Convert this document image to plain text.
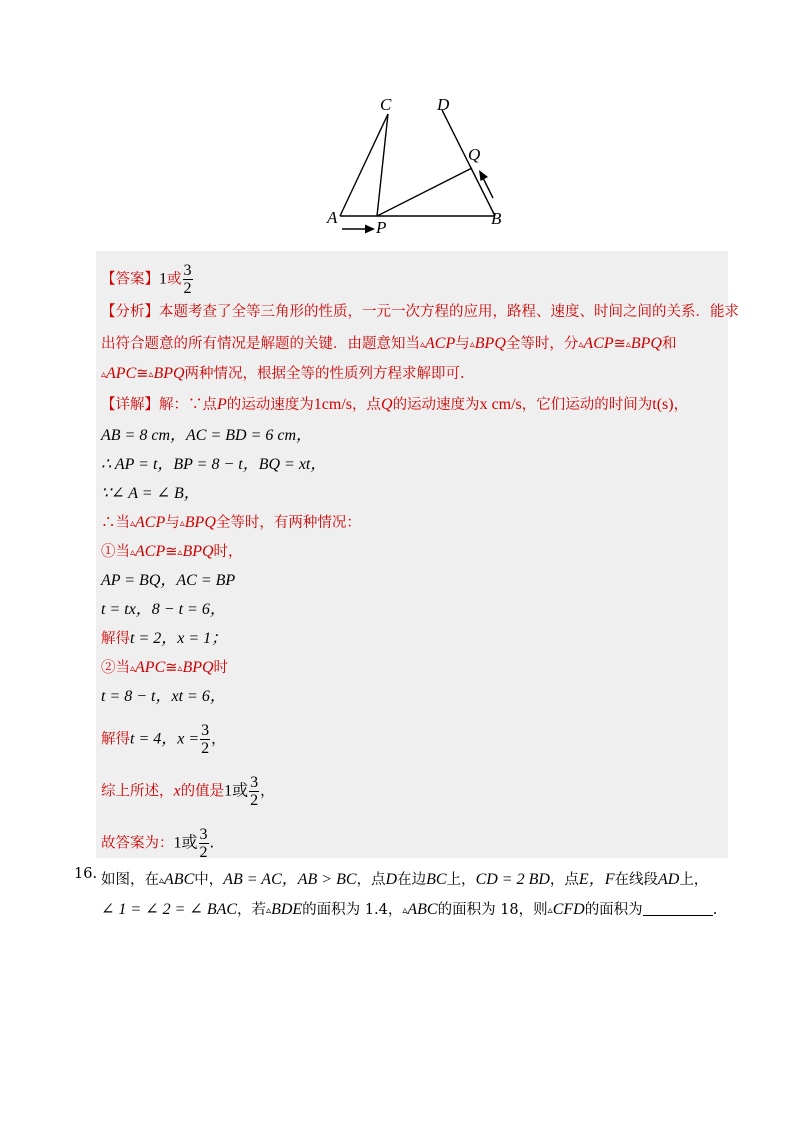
C	D
Q
A	B
P
【答案】1或 $\frac{3}{2}$
【分析】本题考查了全等三角形的性质，一元一次方程的应用，路程、速度、时间之间的关系．能求
出符合题意的所有情况是解题的关键．由题意知当▵ACP与▵BPQ全等时，分▵ACP≅▵BPQ和
▵APC≅▵BPQ两种情况，根据全等的性质列方程求解即可.
【详解】解：∵点P的运动速度为1cm/s，点Q的运动速度为x cm/s，它们运动的时间为t(s)，
AB = 8 cm，AC = BD = 6 cm，
∴ AP = t，BP = 8 − t，BQ = xt，
∵∠ A = ∠ B，
∴当▵ACP与▵BPQ全等时，有两种情况：
①当▵ACP≅▵BPQ时，
AP = BQ，AC = BP
t = tx，8 − t = 6，
解得t = 2，x = 1；
②当▵APC≅▵BPQ时
t = 8 − t，xt = 6，
解得t = 4，$x = \frac{3}{2}$ ，
综上所述，x的值是1或 $\frac{3}{2}$ ，
故答案为：1或 $\frac{3}{2}$ .
16. 如图，在▵ABC中，AB = AC，AB > BC，点D在边BC上，CD = 2 BD，点E，F在线段AD上，
∠ 1 = ∠ 2 = ∠ BAC，若▵BDE的面积为 1.4，▵ABC的面积为 18，则▵CFD的面积为	.
